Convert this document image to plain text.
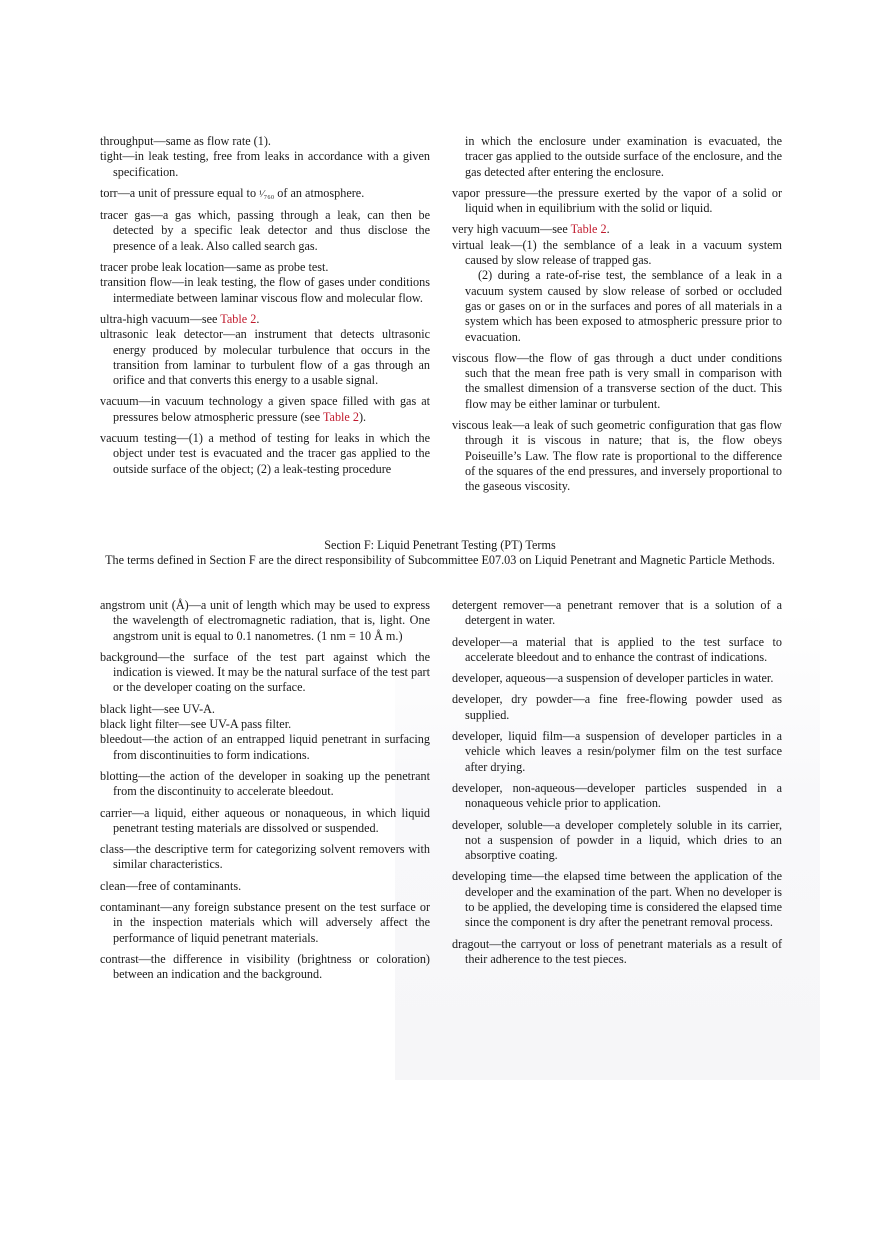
throughput—same as flow rate (1).

tight—in leak testing, free from leaks in accordance with a given specification.

torr—a unit of pressure equal to ¹⁄₇₆₀ of an atmosphere.

tracer gas—a gas which, passing through a leak, can then be detected by a specific leak detector and thus disclose the presence of a leak. Also called search gas.

tracer probe leak location—same as probe test.

transition flow—in leak testing, the flow of gases under conditions intermediate between laminar viscous flow and molecular flow.

ultra-high vacuum—see Table 2.

ultrasonic leak detector—an instrument that detects ultrasonic energy produced by molecular turbulence that occurs in the transition from laminar to turbulent flow of a gas through an orifice and that converts this energy to a usable signal.

vacuum—in vacuum technology a given space filled with gas at pressures below atmospheric pressure (see Table 2).

vacuum testing—(1) a method of testing for leaks in which the object under test is evacuated and the tracer gas applied to the outside surface of the object; (2) a leak-testing procedure

in which the enclosure under examination is evacuated, the tracer gas applied to the outside surface of the enclosure, and the gas detected after entering the enclosure.

vapor pressure—the pressure exerted by the vapor of a solid or liquid when in equilibrium with the solid or liquid.

very high vacuum—see Table 2.

virtual leak—(1) the semblance of a leak in a vacuum system caused by slow release of trapped gas.

(2) during a rate-of-rise test, the semblance of a leak in a vacuum system caused by slow release of sorbed or occluded gas or gases on or in the surfaces and pores of all materials in a system which has been exposed to atmospheric pressure prior to evacuation.

viscous flow—the flow of gas through a duct under conditions such that the mean free path is very small in comparison with the smallest dimension of a transverse section of the duct. This flow may be either laminar or turbulent.

viscous leak—a leak of such geometric configuration that gas flow through it is viscous in nature; that is, the flow obeys Poiseuille’s Law. The flow rate is proportional to the difference of the squares of the end pressures, and inversely proportional to the gaseous viscosity.

Section F: Liquid Penetrant Testing (PT) Terms
The terms defined in Section F are the direct responsibility of Subcommittee E07.03 on Liquid Penetrant and Magnetic Particle Methods.

angstrom unit (Å)—a unit of length which may be used to express the wavelength of electromagnetic radiation, that is, light. One angstrom unit is equal to 0.1 nanometres. (1 nm = 10 Å m.)

background—the surface of the test part against which the indication is viewed. It may be the natural surface of the test part or the developer coating on the surface.

black light—see UV-A.

black light filter—see UV-A pass filter.

bleedout—the action of an entrapped liquid penetrant in surfacing from discontinuities to form indications.

blotting—the action of the developer in soaking up the penetrant from the discontinuity to accelerate bleedout.

carrier—a liquid, either aqueous or nonaqueous, in which liquid penetrant testing materials are dissolved or suspended.

class—the descriptive term for categorizing solvent removers with similar characteristics.

clean—free of contaminants.

contaminant—any foreign substance present on the test surface or in the inspection materials which will adversely affect the performance of liquid penetrant materials.

contrast—the difference in visibility (brightness or coloration) between an indication and the background.

detergent remover—a penetrant remover that is a solution of a detergent in water.

developer—a material that is applied to the test surface to accelerate bleedout and to enhance the contrast of indications.

developer, aqueous—a suspension of developer particles in water.

developer, dry powder—a fine free-flowing powder used as supplied.

developer, liquid film—a suspension of developer particles in a vehicle which leaves a resin/polymer film on the test surface after drying.

developer, non-aqueous—developer particles suspended in a nonaqueous vehicle prior to application.

developer, soluble—a developer completely soluble in its carrier, not a suspension of powder in a liquid, which dries to an absorptive coating.

developing time—the elapsed time between the application of the developer and the examination of the part. When no developer is to be applied, the developing time is considered the elapsed time since the component is dry after the penetrant removal process.

dragout—the carryout or loss of penetrant materials as a result of their adherence to the test pieces.
